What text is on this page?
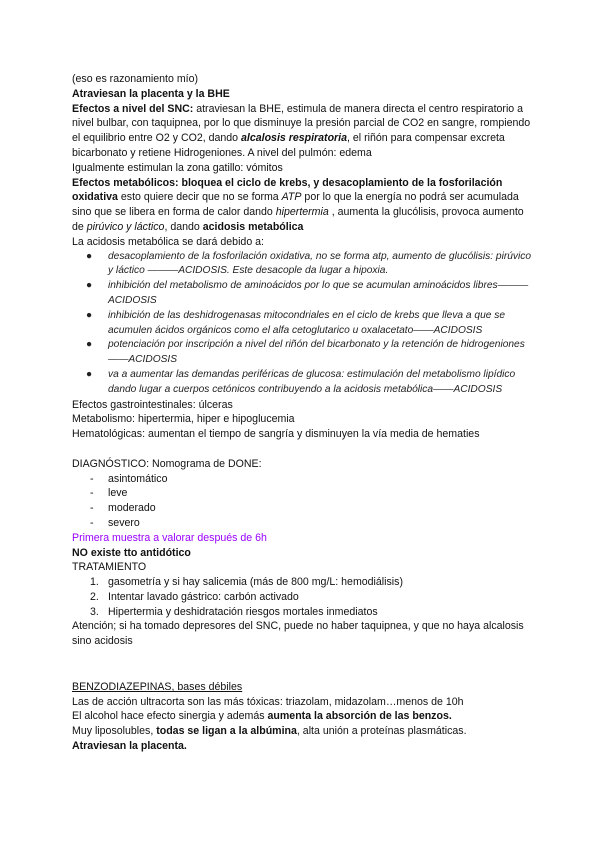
(eso es razonamiento mío)

Atraviesan la placenta y la BHE

Efectos a nivel del SNC: atraviesan la BHE, estimula de manera directa el centro respiratorio a nivel bulbar, con taquipnea, por lo que disminuye la presión parcial de CO2 en sangre, rompiendo el equilibrio entre O2 y CO2, dando alcalosis respiratoria, el riñón para compensar excreta bicarbonato y retiene Hidrogeniones. A nivel del pulmón: edema

Igualmente estimulan la zona gatillo: vómitos

Efectos metabólicos: bloquea el ciclo de krebs, y desacoplamiento de la fosforilación oxidativa esto quiere decir que no se forma ATP por lo que la energía no podrá ser acumulada sino que se libera en forma de calor dando hipertermia , aumenta la glucólisis, provoca aumento de pirúvico y láctico, dando acidosis metabólica

La acidosis metabólica se dará debido a:

● desacoplamiento de la fosforilación oxidativa, no se forma atp, aumento de glucólisis: pirúvico y láctico ———ACIDOSIS. Este desacople da lugar a hipoxia.
● inhibición del metabolismo de aminoácidos por lo que se acumulan aminoácidos libres———ACIDOSIS
● inhibición de las deshidrogenasas mitocondriales en el ciclo de krebs que lleva a que se acumulen ácidos orgánicos como el alfa cetoglutarico u oxalacetato——ACIDOSIS
● potenciación por inscripción a nivel del riñón del bicarbonato y la retención de hidrogeniones——ACIDOSIS
● va a aumentar las demandas periféricas de glucosa: estimulación del metabolismo lipídico dando lugar a cuerpos cetónicos contribuyendo a la acidosis metabólica——ACIDOSIS

Efectos gastrointestinales: úlceras

Metabolismo: hipertermia, hiper e hipoglucemia

Hematológicas: aumentan el tiempo de sangría y disminuyen la vía media de hematies

DIAGNÓSTICO: Nomograma de DONE:

- asintomático
- leve
- moderado
- severo

Primera muestra a valorar después de 6h

NO existe tto antidótico

TRATAMIENTO

1. gasometría y si hay salicemia (más de 800 mg/L: hemodiálisis)
2. Intentar lavado gástrico: carbón activado
3. Hipertermia y deshidratación riesgos mortales inmediatos

Atención; si ha tomado depresores del SNC, puede no haber taquipnea, y que no haya alcalosis sino acidosis

BENZODIAZEPINAS, bases débiles

Las de acción ultracorta son las más tóxicas: triazolam, midazolam…menos de 10h

El alcohol hace efecto sinergia y además aumenta la absorción de las benzos.

Muy liposolubles, todas se ligan a la albúmina, alta unión a proteínas plasmáticas.

Atraviesan la placenta.
